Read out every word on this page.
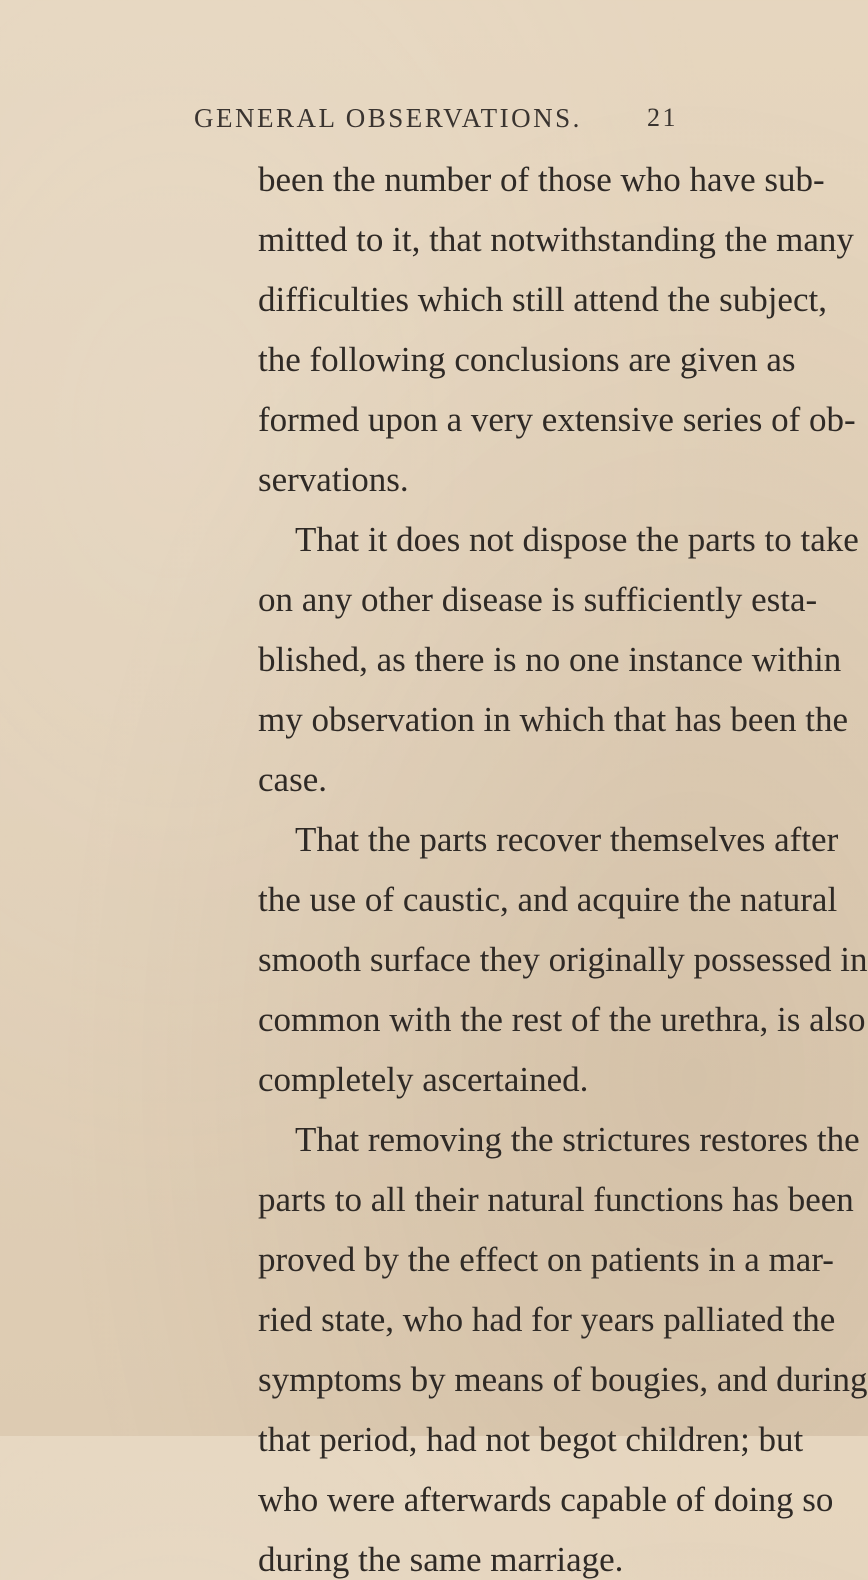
GENERAL OBSERVATIONS.	21
been the number of those who have sub-
mitted to it, that notwithstanding the many
difficulties which still attend the subject,
the following conclusions are given as
formed upon a very extensive series of ob-
servations.
That it does not dispose the parts to take
on any other disease is sufficiently esta-
blished, as there is no one instance within
my observation in which that has been the
case.
That the parts recover themselves after
the use of caustic, and acquire the natural
smooth surface they originally possessed in
common with the rest of the urethra, is also
completely ascertained.
That removing the strictures restores the
parts to all their natural functions has been
proved by the effect on patients in a mar-
ried state, who had for years palliated the
symptoms by means of bougies, and during
that period, had not begot children; but
who were afterwards capable of doing so
during the same marriage.
